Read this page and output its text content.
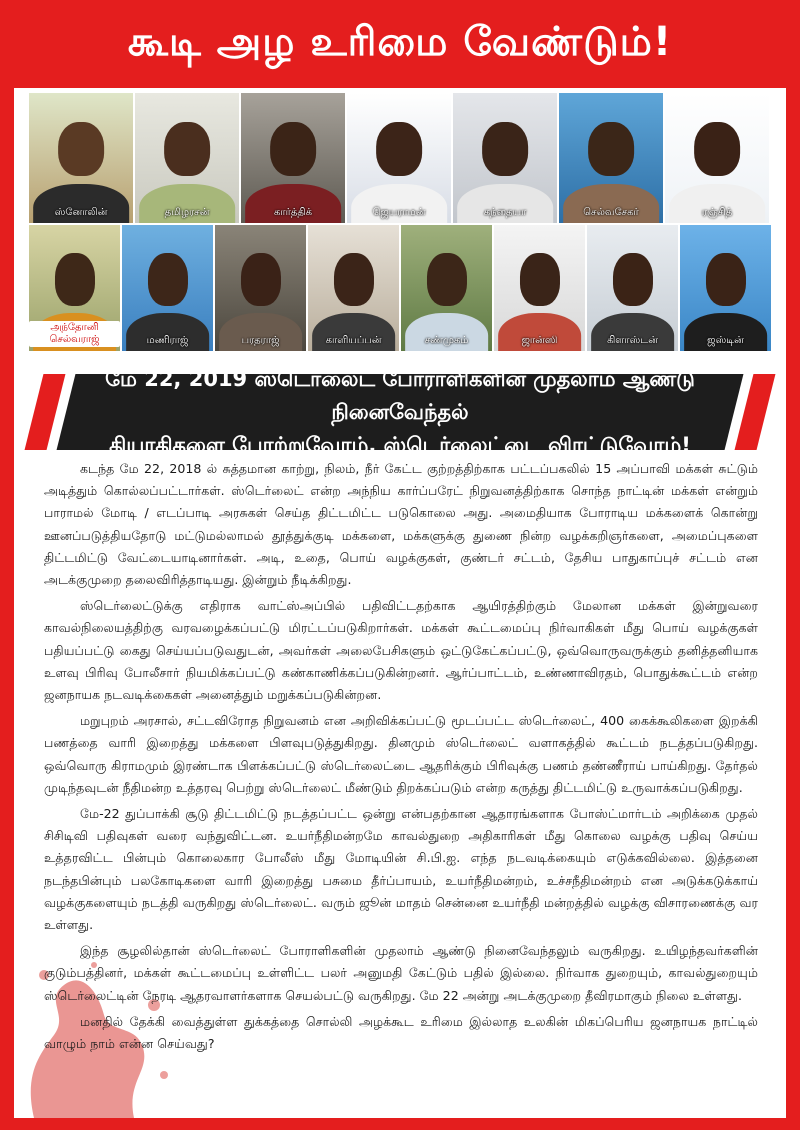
கூடி அழ உரிமை வேண்டும்!
ஸ்னோலின்	தமிழரசன்	கார்த்திக்	ஜெயராமன்	கந்தையா	செல்வசேகர்	ரஞ்சித்
அந்தோனி செல்வராஜ்	மணிராஜ்	பரதராஜ்	காளியப்பன்	சண்முகம்	ஜான்ஸி	கிளாஸ்டன்	ஜஸ்டின்
மே 22, 2019 ஸ்டெர்லைட் போராளிகளின் முதலாம் ஆண்டு நினைவேந்தல்
தியாகிகளை போற்றுவோம், ஸ்டெர்லைட்டை விரட்டுவோம்!

கடந்த மே 22, 2018 ல் சுத்தமான காற்று, நிலம், நீர் கேட்ட குற்றத்திற்காக பட்டப்பகலில் 15 அப்பாவி மக்கள் சுட்டும் அடித்தும் கொல்லப்பட்டார்கள். ஸ்டெர்லைட் என்ற அந்நிய கார்ப்பரேட் நிறுவனத்திற்காக சொந்த நாட்டின் மக்கள் என்றும் பாராமல் மோடி / எடப்பாடி அரசுகள் செய்த திட்டமிட்ட படுகொலை அது. அமைதியாக போராடிய மக்களைக் கொன்று ஊனப்படுத்தியதோடு மட்டுமல்லாமல் தூத்துக்குடி மக்களை, மக்களுக்கு துணை நின்ற வழக்கறிஞர்களை, அமைப்புகளை திட்டமிட்டு வேட்டையாடினார்கள். அடி, உதை, பொய் வழக்குகள், குண்டர் சட்டம், தேசிய பாதுகாப்புச் சட்டம் என அடக்குமுறை தலைவிரித்தாடியது. இன்றும் நீடிக்கிறது.

ஸ்டெர்லைட்டுக்கு எதிராக வாட்ஸ்அப்பில் பதிவிட்டதற்காக ஆயிரத்திற்கும் மேலான மக்கள் இன்றுவரை காவல்நிலையத்திற்கு வரவழைக்கப்பட்டு மிரட்டப்படுகிறார்கள். மக்கள் கூட்டமைப்பு நிர்வாகிகள் மீது பொய் வழக்குகள் பதியப்பட்டு கைது செய்யப்படுவதுடன், அவர்கள் அலைபேசிகளும் ஒட்டுகேட்கப்பட்டு, ஒவ்வொருவருக்கும் தனித்தனியாக உளவு பிரிவு போலீசார் நியமிக்கப்பட்டு கண்காணிக்கப்படுகின்றனர். ஆர்ப்பாட்டம், உண்ணாவிரதம், பொதுக்கூட்டம் என்ற ஜனநாயக நடவடிக்கைகள் அனைத்தும் மறுக்கப்படுகின்றன.

மறுபுறம் அரசால், சட்டவிரோத நிறுவனம் என அறிவிக்கப்பட்டு மூடப்பட்ட ஸ்டெர்லைட், 400 கைக்கூலிகளை இறக்கி பணத்தை வாரி இறைத்து மக்களை பிளவுபடுத்துகிறது. தினமும் ஸ்டெர்லைட் வளாகத்தில் கூட்டம் நடத்தப்படுகிறது. ஒவ்வொரு கிராமமும் இரண்டாக பிளக்கப்பட்டு ஸ்டெர்லைட்டை ஆதரிக்கும் பிரிவுக்கு பணம் தண்ணீராய் பாய்கிறது. தேர்தல் முடிந்தவுடன் நீதிமன்ற உத்தரவு பெற்று ஸ்டெர்லைட் மீண்டும் திறக்கப்படும் என்ற கருத்து திட்டமிட்டு உருவாக்கப்படுகிறது.

மே-22 துப்பாக்கி சூடு திட்டமிட்டு நடத்தப்பட்ட ஒன்று என்பதற்கான ஆதாரங்களாக போஸ்ட்மார்டம் அறிக்கை முதல் சிசிடிவி பதிவுகள் வரை வந்துவிட்டன. உயர்நீதிமன்றமே காவல்துறை அதிகாரிகள் மீது கொலை வழக்கு பதிவு செய்ய உத்தரவிட்ட பின்பும் கொலைகார போலீஸ் மீது மோடியின் சி.பி.ஐ. எந்த நடவடிக்கையும் எடுக்கவில்லை. இத்தனை நடந்தபின்பும் பலகோடிகளை வாரி இறைத்து பசுமை தீர்ப்பாயம், உயர்நீதிமன்றம், உச்சநீதிமன்றம் என அடுக்கடுக்காய் வழக்குகளையும் நடத்தி வருகிறது ஸ்டெர்லைட். வரும் ஜூன் மாதம் சென்னை உயர்நீதி மன்றத்தில் வழக்கு விசாரணைக்கு வர உள்ளது.

இந்த சூழலில்தான் ஸ்டெர்லைட் போராளிகளின் முதலாம் ஆண்டு நினைவேந்தலும் வருகிறது. உயிழந்தவர்களின் குடும்பத்தினர், மக்கள் கூட்டமைப்பு உள்ளிட்ட பலர் அனுமதி கேட்டும் பதில் இல்லை. நிர்வாக துறையும், காவல்துறையும் ஸ்டெர்லைட்டின் நேரடி ஆதரவாளர்களாக செயல்பட்டு வருகிறது. மே 22 அன்று அடக்குமுறை தீவிரமாகும் நிலை உள்ளது.

மனதில் தேக்கி வைத்துள்ள துக்கத்தை சொல்லி அழக்கூட உரிமை இல்லாத உலகின் மிகப்பெரிய ஜனநாயக நாட்டில் வாழும் நாம் என்ன செய்வது?
